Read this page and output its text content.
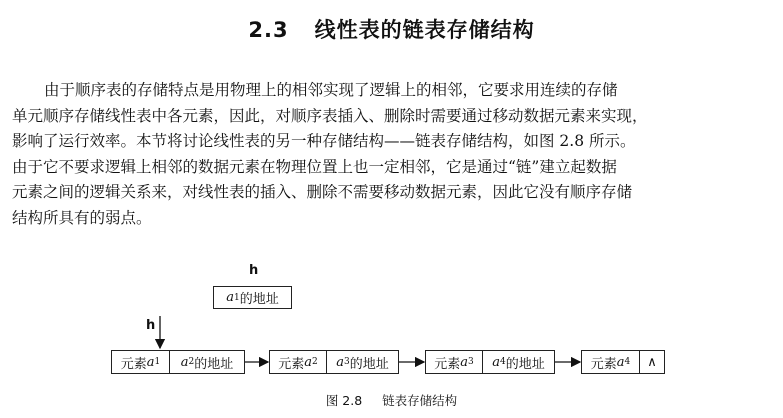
2.3 线性表的链表存储结构
由于顺序表的存储特点是用物理上的相邻实现了逻辑上的相邻，它要求用连续的存储
单元顺序存储线性表中各元素，因此，对顺序表插入、删除时需要通过移动数据元素来实现，
影响了运行效率。本节将讨论线性表的另一种存储结构——链表存储结构，如图 2.8 所示。
由于它不要求逻辑上相邻的数据元素在物理位置上也一定相邻，它是通过“链”建立起数据
元素之间的逻辑关系来，对线性表的插入、删除不需要移动数据元素，因此它没有顺序存储
结构所具有的弱点。
h
a 1 的地址
h
元素 a 1 a 2 的地址	元素 a 2 a 3 的地址	元素 a 3 a 4 的地址	元素 a 4	∧
图 2.8 链表存储结构
